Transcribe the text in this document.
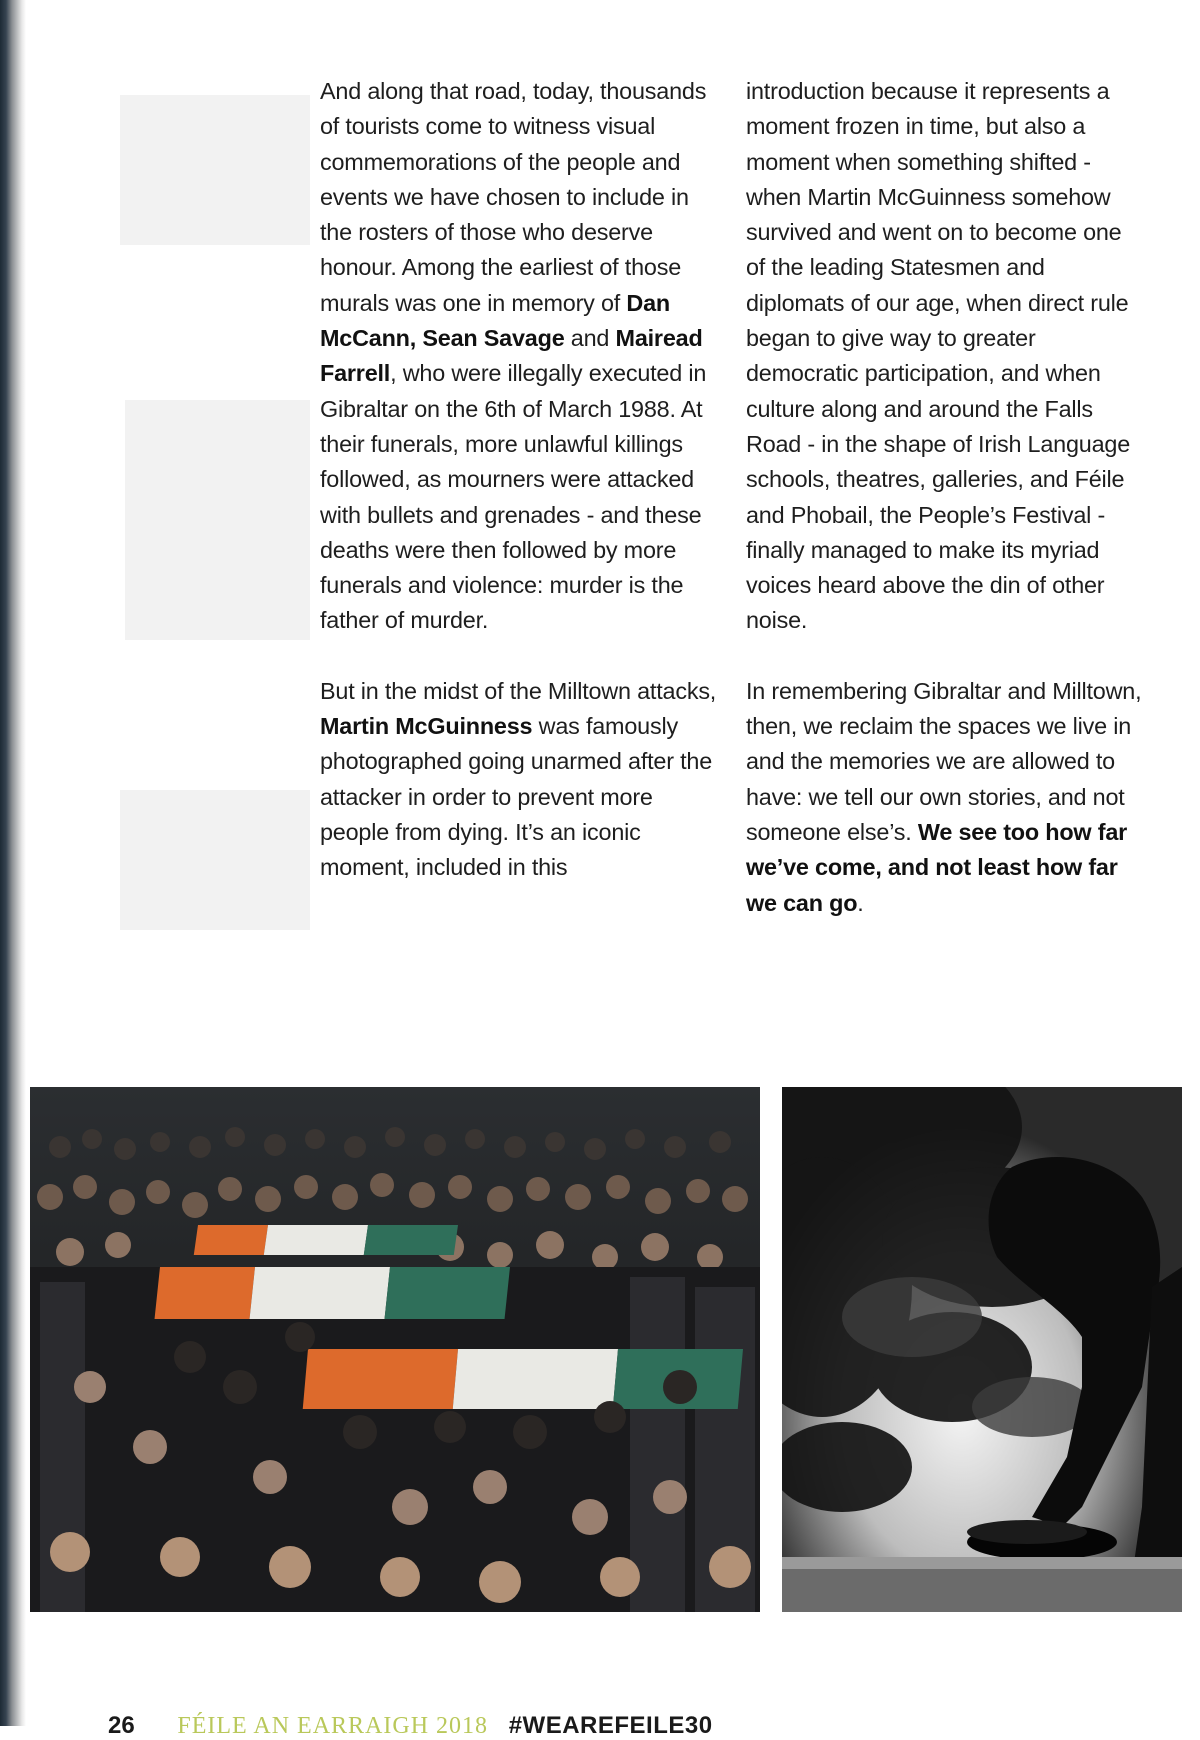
And along that road, today, thousands of tourists come to witness visual commemorations of the people and events we have chosen to include in the rosters of those who deserve honour. Among the earliest of those murals was one in memory of Dan McCann, Sean Savage and Mairead Farrell, who were illegally executed in Gibraltar on the 6th of March 1988. At their funerals, more unlawful killings followed, as mourners were attacked with bullets and grenades - and these deaths were then followed by more funerals and violence: murder is the father of murder.

But in the midst of the Milltown attacks, Martin McGuinness was famously photographed going unarmed after the attacker in order to prevent more people from dying. It’s an iconic moment, included in this

introduction because it represents a moment frozen in time, but also a moment when something shifted - when Martin McGuinness somehow survived and went on to become one of the leading Statesmen and diplomats of our age, when direct rule began to give way to greater democratic participation, and when culture along and around the Falls Road - in the shape of Irish Language schools, theatres, galleries, and Féile and Phobail, the People’s Festival - finally managed to make its myriad voices heard above the din of other noise.

In remembering Gibraltar and Milltown, then, we reclaim the spaces we live in and the memories we are allowed to have: we tell our own stories, and not someone else’s. We see too how far we’ve come, and not least how far we can go.

26 FÉILE AN EARRAIGH 2018 #WEAREFEILE30
